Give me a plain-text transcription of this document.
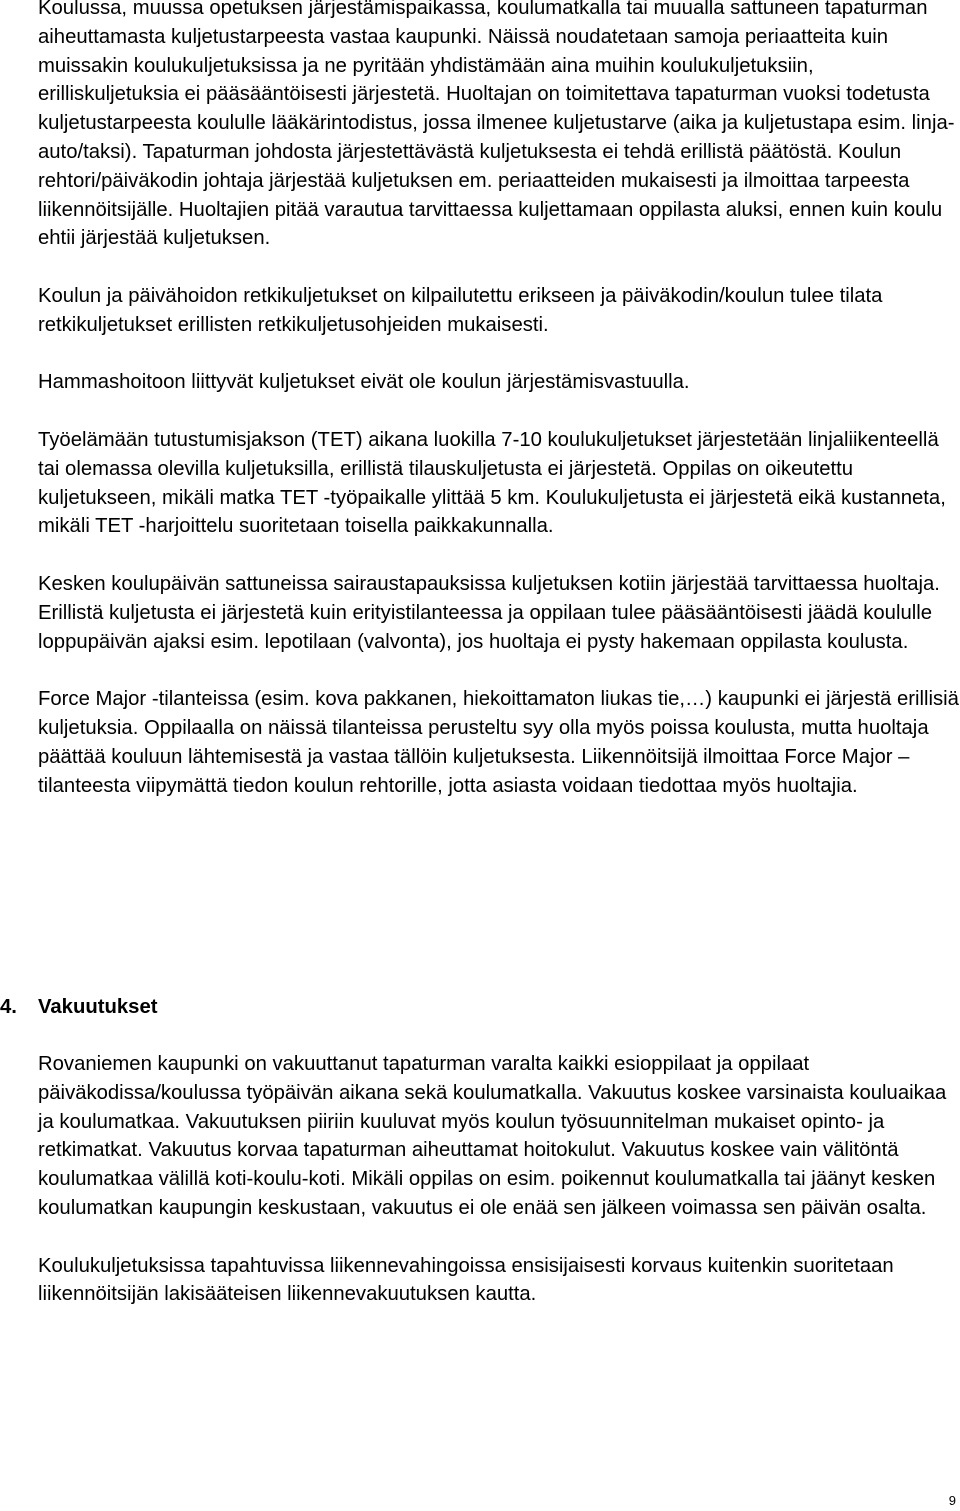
Koulussa, muussa opetuksen järjestämispaikassa, koulumatkalla tai muualla sattuneen tapaturman aiheuttamasta kuljetustarpeesta vastaa kaupunki. Näissä noudatetaan samoja periaatteita kuin muissakin koulukuljetuksissa ja ne pyritään yhdistämään aina muihin koulukuljetuksiin, erilliskuljetuksia ei pääsääntöisesti järjestetä. Huoltajan on toimitettava tapaturman vuoksi todetusta kuljetustarpeesta koululle lääkärintodistus, jossa ilmenee kuljetustarve (aika ja kuljetustapa esim. linja-auto/taksi). Tapaturman johdosta järjestettävästä kuljetuksesta ei tehdä erillistä päätöstä. Koulun rehtori/päiväkodin johtaja järjestää kuljetuksen em. periaatteiden mukaisesti ja ilmoittaa tarpeesta liikennöitsijälle. Huoltajien pitää varautua tarvittaessa kuljettamaan oppilasta aluksi, ennen kuin koulu ehtii järjestää kuljetuksen.

Koulun ja päivähoidon retkikuljetukset on kilpailutettu erikseen ja päiväkodin/koulun tulee tilata retkikuljetukset erillisten retkikuljetusohjeiden mukaisesti.

Hammashoitoon liittyvät kuljetukset eivät ole koulun järjestämisvastuulla.

Työelämään tutustumisjakson (TET) aikana luokilla 7-10 koulukuljetukset järjestetään linjaliikenteellä tai olemassa olevilla kuljetuksilla, erillistä tilauskuljetusta ei järjestetä. Oppilas on oikeutettu kuljetukseen, mikäli matka TET -työpaikalle ylittää 5 km. Koulukuljetusta ei järjestetä eikä kustanneta, mikäli TET -harjoittelu suoritetaan toisella paikkakunnalla.

Kesken koulupäivän sattuneissa sairaustapauksissa kuljetuksen kotiin järjestää tarvittaessa huoltaja. Erillistä kuljetusta ei järjestetä kuin erityistilanteessa ja oppilaan tulee pääsääntöisesti jäädä koululle loppupäivän ajaksi esim. lepotilaan (valvonta), jos huoltaja ei pysty hakemaan oppilasta koulusta.

Force Major -tilanteissa (esim. kova pakkanen, hiekoittamaton liukas tie,…) kaupunki ei järjestä erillisiä kuljetuksia. Oppilaalla on näissä tilanteissa perusteltu syy olla myös poissa koulusta, mutta huoltaja päättää kouluun lähtemisestä ja vastaa tällöin kuljetuksesta. Liikennöitsijä ilmoittaa Force Major –tilanteesta viipymättä tiedon koulun rehtorille, jotta asiasta voidaan tiedottaa myös huoltajia.

4. Vakuutukset

Rovaniemen kaupunki on vakuuttanut tapaturman varalta kaikki esioppilaat ja oppilaat päiväkodissa/koulussa työpäivän aikana sekä koulumatkalla. Vakuutus koskee varsinaista kouluaikaa ja koulumatkaa. Vakuutuksen piiriin kuuluvat myös koulun työsuunnitelman mukaiset opinto- ja retkimatkat. Vakuutus korvaa tapaturman aiheuttamat hoitokulut. Vakuutus koskee vain välitöntä koulumatkaa välillä koti-koulu-koti. Mikäli oppilas on esim. poikennut koulumatkalla tai jäänyt kesken koulumatkan kaupungin keskustaan, vakuutus ei ole enää sen jälkeen voimassa sen päivän osalta.

Koulukuljetuksissa tapahtuvissa liikennevahingoissa ensisijaisesti korvaus kuitenkin suoritetaan liikennöitsijän lakisääteisen liikennevakuutuksen kautta.

9
